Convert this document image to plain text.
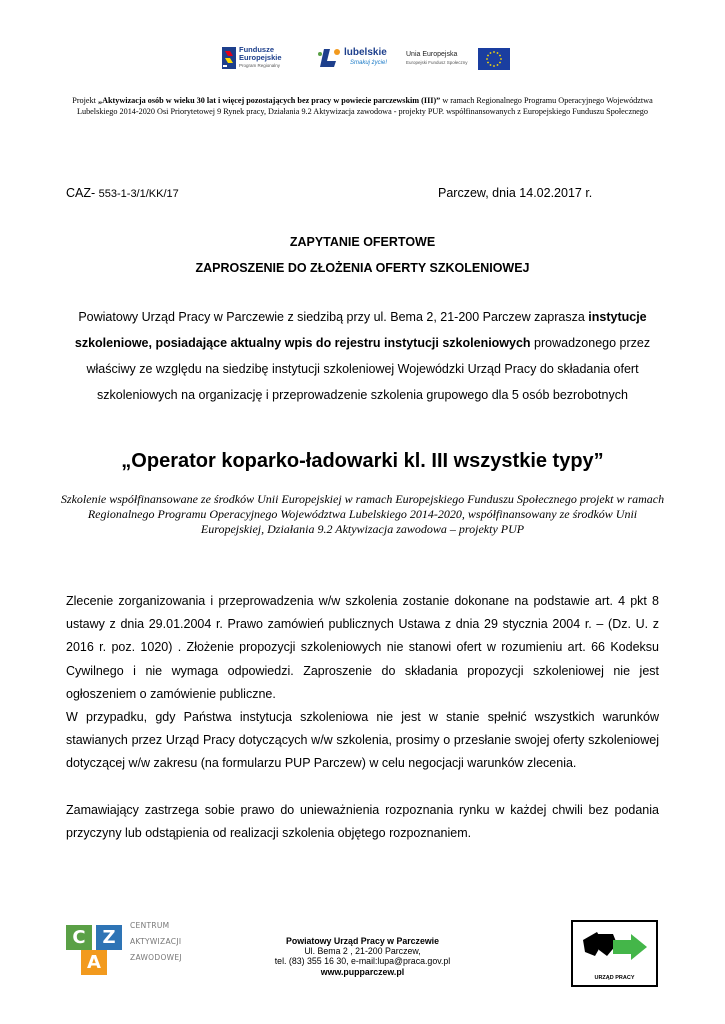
Fundusze
Europejskie
Program Regionalny
lubelskie
Smakuj życie!
Unia Europejska
Europejski Fundusz Społeczny
Projekt „Aktywizacja osób w wieku 30 lat i więcej pozostających bez pracy w powiecie parczewskim (III)” w ramach Regionalnego Programu Operacyjnego Województwa Lubelskiego 2014-2020 Osi Priorytetowej 9 Rynek pracy, Działania 9.2 Aktywizacja zawodowa - projekty PUP. współfinansowanych z Europejskiego Funduszu Społecznego
CAZ- 553-1-3/1/KK/17	Parczew, dnia 14.02.2017 r.
ZAPYTANIE OFERTOWE
ZAPROSZENIE DO ZŁOŻENIA OFERTY SZKOLENIOWEJ
Powiatowy Urząd Pracy w Parczewie z siedzibą przy ul. Bema 2, 21-200 Parczew zaprasza instytucje szkoleniowe, posiadające aktualny wpis do rejestru instytucji szkoleniowych prowadzonego przez właściwy ze względu na siedzibę instytucji szkoleniowej Wojewódzki Urząd Pracy do składania ofert szkoleniowych na organizację i przeprowadzenie szkolenia grupowego dla 5 osób bezrobotnych
„Operator koparko-ładowarki kl. III wszystkie typy”
Szkolenie współfinansowane ze środków Unii Europejskiej w ramach Europejskiego Funduszu Społecznego projekt w ramach Regionalnego Programu Operacyjnego Województwa Lubelskiego 2014-2020, współfinansowany ze środków Unii Europejskiej, Działania 9.2 Aktywizacja zawodowa – projekty PUP

Zlecenie zorganizowania i przeprowadzenia w/w szkolenia zostanie dokonane na podstawie art. 4 pkt 8 ustawy z dnia 29.01.2004 r. Prawo zamówień publicznych Ustawa z dnia 29 stycznia 2004 r. – (Dz. U. z 2016 r. poz. 1020) . Złożenie propozycji szkoleniowych nie stanowi ofert w rozumieniu art. 66 Kodeksu Cywilnego i nie wymaga odpowiedzi. Zaproszenie do składania propozycji szkoleniowej nie jest ogłoszeniem o zamówienie publiczne.

W przypadku, gdy Państwa instytucja szkoleniowa nie jest w stanie spełnić wszystkich warunków stawianych przez Urząd Pracy dotyczących w/w szkolenia, prosimy o przesłanie swojej oferty szkoleniowej dotyczącej w/w zakresu (na formularzu PUP Parczew) w celu negocjacji warunków zlecenia.

Zamawiający zastrzega sobie prawo do unieważnienia rozpoznania rynku w każdej chwili bez podania przyczyny lub odstąpienia od realizacji szkolenia objętego rozpoznaniem.

C Z
A
CENTRUM
AKTYWIZACJI
ZAWODOWEJ
Powiatowy Urząd Pracy w Parczewie
Ul. Bema 2 , 21-200 Parczew,
tel. (83) 355 16 30, e-mail:lupa@praca.gov.pl
www.pupparczew.pl
URZĄD PRACY
